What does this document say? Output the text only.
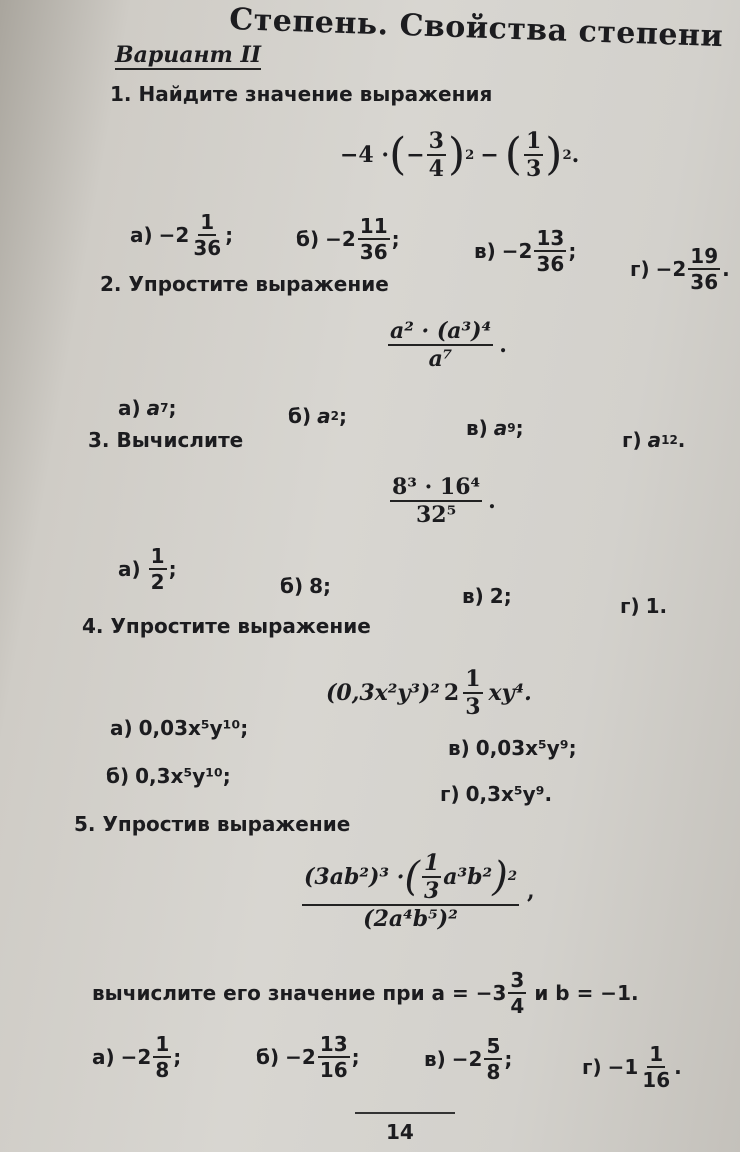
Степень. Свойства степени
Вариант II
1. Найдите значение выражения
−4 · ( − $\frac{3}{4}$ ) 2 − ( $\frac{1}{3}$ ) 2 .
$а) -2 \frac{1}{36}$ ;	$б) -2 \frac{11}{36}$ ;	$в) -2 \frac{13}{36}$ ;
$г) -2 \frac{19}{36}$ .
2. Упростите выражение
$\frac{\text{a² · (a³)⁴}}{\text{a⁷}}$ .
а) a 7 ;	б) a 2 ;	в) a 9 ;	г) a 12 .
3. Вычислите
$\frac{\text{8³ · 16⁴}}{\text{32⁵}}$ .
$а) \frac{1}{2}$ ;
б) 8;	в) 2;	г) 1.
4. Упростите выражение
(0,3x²y³)² $2 \frac{1}{3} xy^4$.
а) 0,03x⁵y¹⁰;
б) 0,3x⁵y¹⁰;
в) 0,03x⁵y⁹;
г) 0,3x⁵y⁹.
5. Упростив выражение
$\frac{(3ab^2)^3 \cdot ( \frac{1}{3} a^3b^2 ) 2}{\text{(2a⁴b⁵)²}}$ ,
вычислите его значение при $a = -3 \frac{3}{4}$ и b = −1.
$а) -2 \frac{1}{8}$ ;	$б) -2 \frac{13}{16}$ ;	$в) -2 \frac{5}{8}$ ;	$г) -1 \frac{1}{16}$ .
14
